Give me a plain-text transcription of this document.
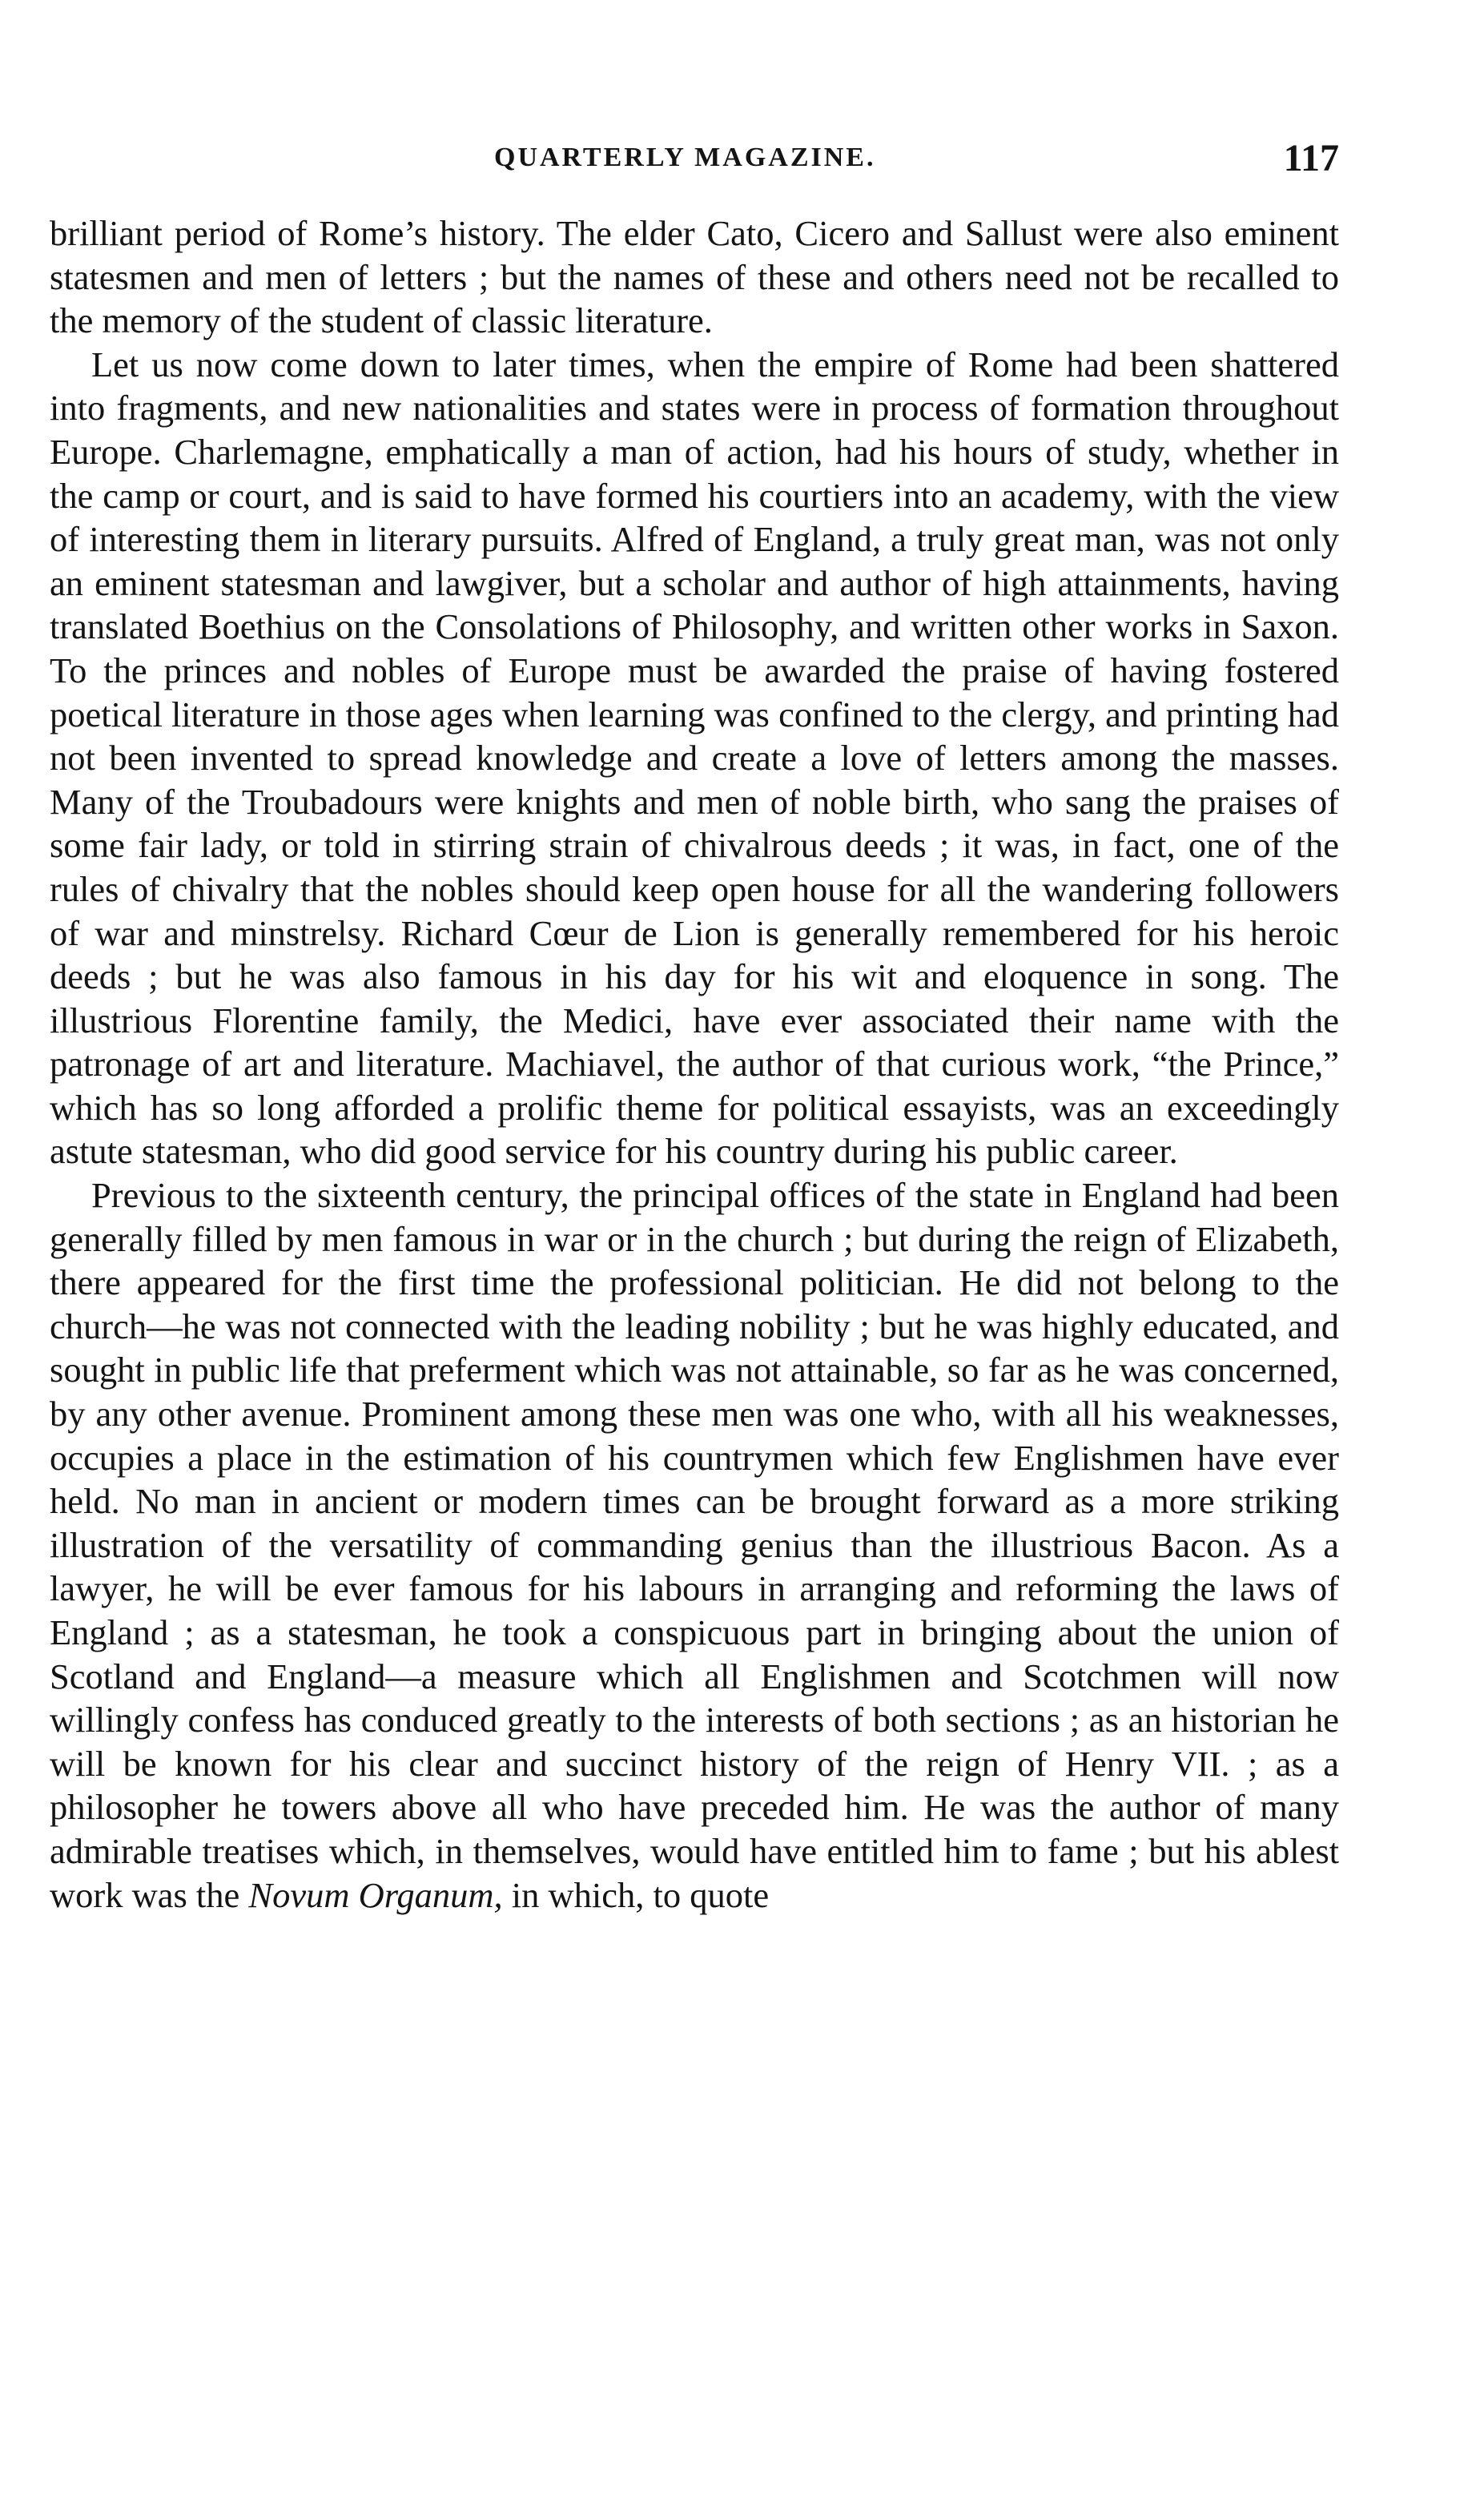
QUARTERLY MAGAZINE.	117

brilliant period of Rome’s history. The elder Cato, Cicero and Sallust were also eminent statesmen and men of letters ; but the names of these and others need not be recalled to the memory of the student of classic literature.

Let us now come down to later times, when the empire of Rome had been shattered into fragments, and new nationalities and states were in process of formation throughout Europe. Charlemagne, emphatically a man of action, had his hours of study, whether in the camp or court, and is said to have formed his courtiers into an academy, with the view of interesting them in literary pursuits. Alfred of England, a truly great man, was not only an eminent statesman and lawgiver, but a scholar and author of high attainments, having translated Boethius on the Consolations of Philosophy, and written other works in Saxon. To the princes and nobles of Europe must be awarded the praise of having fostered poetical literature in those ages when learning was confined to the clergy, and printing had not been invented to spread knowledge and create a love of letters among the masses. Many of the Troubadours were knights and men of noble birth, who sang the praises of some fair lady, or told in stirring strain of chivalrous deeds ; it was, in fact, one of the rules of chivalry that the nobles should keep open house for all the wandering followers of war and minstrelsy. Richard Cœur de Lion is generally remembered for his heroic deeds ; but he was also famous in his day for his wit and eloquence in song. The illustrious Florentine family, the Medici, have ever associated their name with the patronage of art and literature. Machiavel, the author of that curious work, “the Prince,” which has so long afforded a prolific theme for political essayists, was an exceedingly astute statesman, who did good service for his country during his public career.

Previous to the sixteenth century, the principal offices of the state in England had been generally filled by men famous in war or in the church ; but during the reign of Elizabeth, there appeared for the first time the professional politician. He did not belong to the church—he was not connected with the leading nobility ; but he was highly educated, and sought in public life that preferment which was not attainable, so far as he was concerned, by any other avenue. Prominent among these men was one who, with all his weaknesses, occupies a place in the estimation of his countrymen which few Englishmen have ever held. No man in ancient or modern times can be brought forward as a more striking illustration of the versatility of commanding genius than the illustrious Bacon. As a lawyer, he will be ever famous for his labours in arranging and reforming the laws of England ; as a statesman, he took a conspicuous part in bringing about the union of Scotland and England—a measure which all Englishmen and Scotchmen will now willingly confess has conduced greatly to the interests of both sections ; as an historian he will be known for his clear and succinct history of the reign of Henry VII. ; as a philosopher he towers above all who have preceded him. He was the author of many admirable treatises which, in themselves, would have entitled him to fame ; but his ablest work was the Novum Organum, in which, to quote
